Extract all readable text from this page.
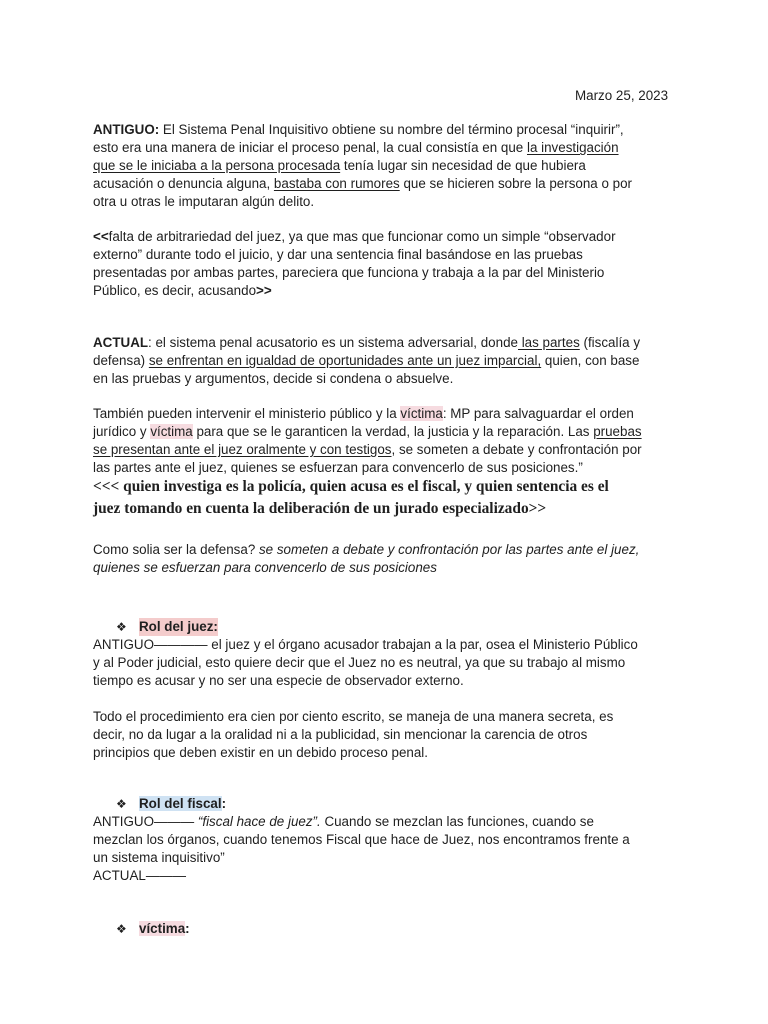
Marzo 25, 2023
ANTIGUO: El Sistema Penal Inquisitivo obtiene su nombre del término procesal “inquirir”,
esto era una manera de iniciar el proceso penal, la cual consistía en que la investigación
que se le iniciaba a la persona procesada tenía lugar sin necesidad de que hubiera
acusación o denuncia alguna, bastaba con rumores que se hicieren sobre la persona o por
otra u otras le imputaran algún delito.
<<falta de arbitrariedad del juez, ya que mas que funcionar como un simple “observador
externo” durante todo el juicio, y dar una sentencia final basándose en las pruebas
presentadas por ambas partes, pareciera que funciona y trabaja a la par del Ministerio
Público, es decir, acusando>>
ACTUAL: el sistema penal acusatorio es un sistema adversarial, donde las partes (fiscalía y
defensa) se enfrentan en igualdad de oportunidades ante un juez imparcial, quien, con base
en las pruebas y argumentos, decide si condena o absuelve.
También pueden intervenir el ministerio público y la víctima: MP para salvaguardar el orden
jurídico y víctima para que se le garanticen la verdad, la justicia y la reparación. Las pruebas
se presentan ante el juez oralmente y con testigos, se someten a debate y confrontación por
las partes ante el juez, quienes se esfuerzan para convencerlo de sus posiciones.”
<<< quien investiga es la policía, quien acusa es el fiscal, y quien sentencia es el
juez tomando en cuenta la deliberación de un jurado especializado>>
Como solia ser la defensa? se someten a debate y confrontación por las partes ante el juez,
quienes se esfuerzan para convencerlo de sus posiciones
❖ Rol del juez:
ANTIGUO———— el juez y el órgano acusador trabajan a la par, osea el Ministerio Público
y al Poder judicial, esto quiere decir que el Juez no es neutral, ya que su trabajo al mismo
tiempo es acusar y no ser una especie de observador externo.
Todo el procedimiento era cien por ciento escrito, se maneja de una manera secreta, es
decir, no da lugar a la oralidad ni a la publicidad, sin mencionar la carencia de otros
principios que deben existir en un debido proceso penal.
❖ Rol del fiscal:
ANTIGUO——— “fiscal hace de juez”. Cuando se mezclan las funciones, cuando se
mezclan los órganos, cuando tenemos Fiscal que hace de Juez, nos encontramos frente a
un sistema inquisitivo”
ACTUAL———
❖ víctima:
